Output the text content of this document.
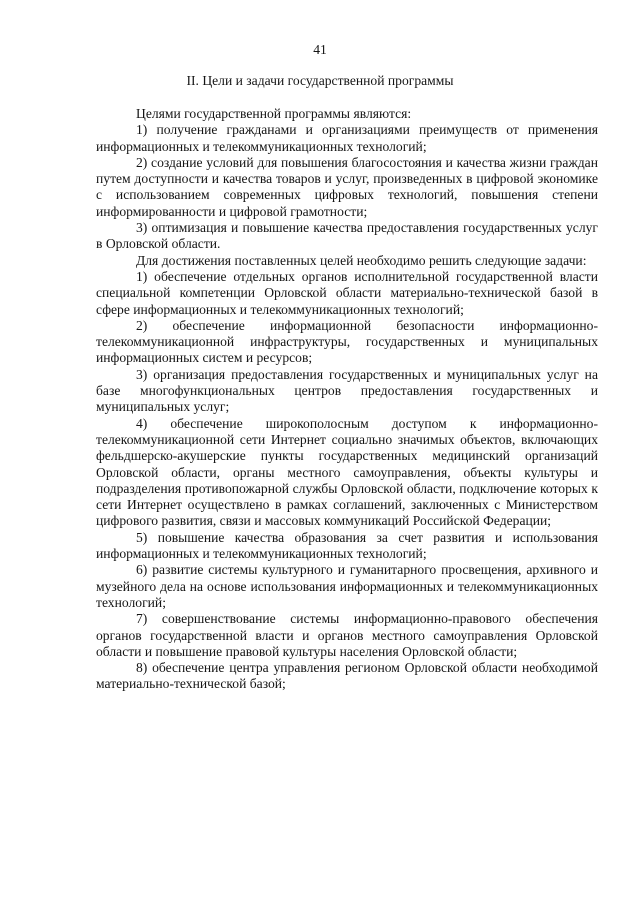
41
II. Цели и задачи государственной программы

Целями государственной программы являются:

1) получение гражданами и организациями преимуществ от применения информационных и телекоммуникационных технологий;

2) создание условий для повышения благосостояния и качества жизни граждан путем доступности и качества товаров и услуг, произведенных в цифровой экономике с использованием современных цифровых технологий, повышения степени информированности и цифровой грамотности;

3) оптимизация и повышение качества предоставления государственных услуг в Орловской области.

Для достижения поставленных целей необходимо решить следующие задачи:

1) обеспечение отдельных органов исполнительной государственной власти специальной компетенции Орловской области материально-технической базой в сфере информационных и телекоммуникационных технологий;

2) обеспечение информационной безопасности информационно-телекоммуникационной инфраструктуры, государственных и муниципальных информационных систем и ресурсов;

3) организация предоставления государственных и муниципальных услуг на базе многофункциональных центров предоставления государственных и муниципальных услуг;

4) обеспечение широкополосным доступом к информационно-телекоммуникационной сети Интернет социально значимых объектов, включающих фельдшерско-акушерские пункты государственных медицинский организаций Орловской области, органы местного самоуправления, объекты культуры и подразделения противопожарной службы Орловской области, подключение которых к сети Интернет осуществлено в рамках соглашений, заключенных с Министерством цифрового развития, связи и массовых коммуникаций Российской Федерации;

5) повышение качества образования за счет развития и использования информационных и телекоммуникационных технологий;

6) развитие системы культурного и гуманитарного просвещения, архивного и музейного дела на основе использования информационных и телекоммуникационных технологий;

7) совершенствование системы информационно-правового обеспечения органов государственной власти и органов местного самоуправления Орловской области и повышение правовой культуры населения Орловской области;

8) обеспечение центра управления регионом Орловской области необходимой материально-технической базой;
